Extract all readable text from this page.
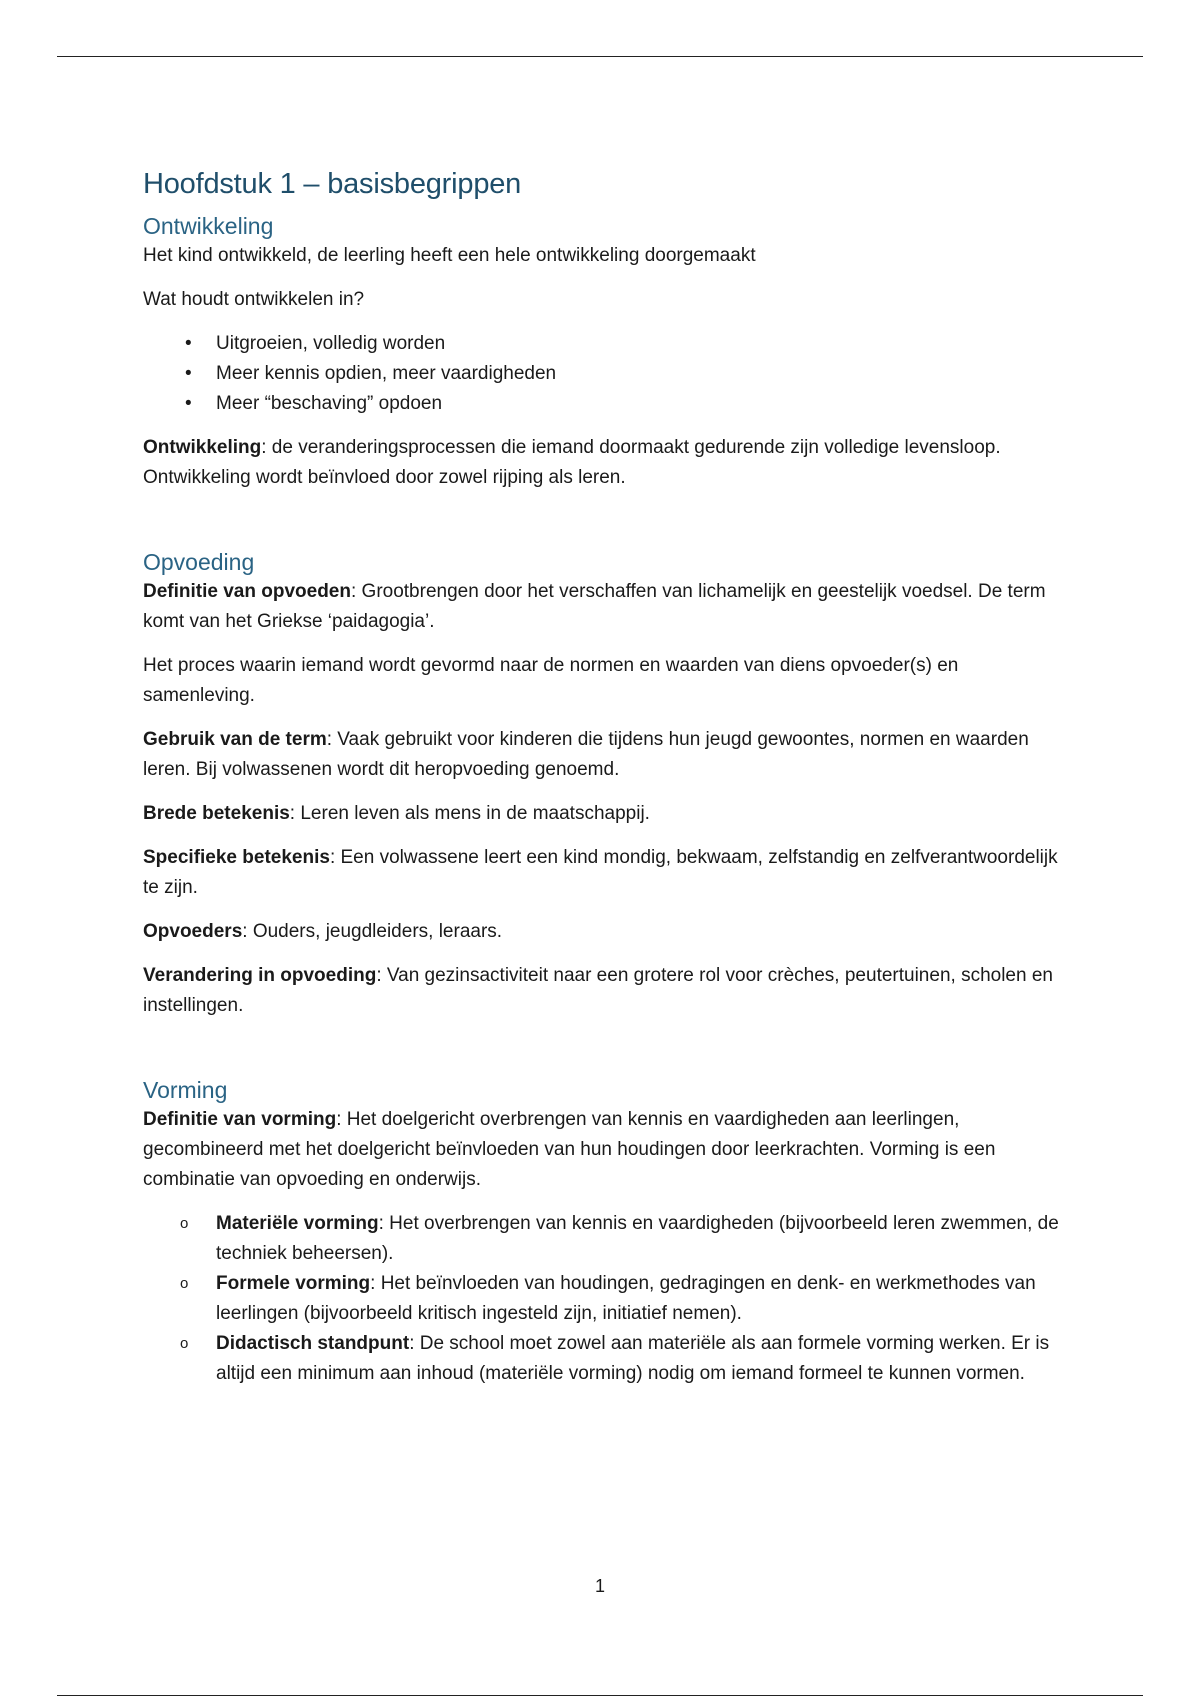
Hoofdstuk 1 – basisbegrippen
Ontwikkeling

Het kind ontwikkeld, de leerling heeft een hele ontwikkeling doorgemaakt

Wat houdt ontwikkelen in?

• Uitgroeien, volledig worden
• Meer kennis opdien, meer vaardigheden
• Meer “beschaving” opdoen

Ontwikkeling: de veranderingsprocessen die iemand doormaakt gedurende zijn volledige levensloop. Ontwikkeling wordt beïnvloed door zowel rijping als leren.

Opvoeding

Definitie van opvoeden: Grootbrengen door het verschaffen van lichamelijk en geestelijk voedsel. De term komt van het Griekse ‘paidagogia’.

Het proces waarin iemand wordt gevormd naar de normen en waarden van diens opvoeder(s) en samenleving.

Gebruik van de term: Vaak gebruikt voor kinderen die tijdens hun jeugd gewoontes, normen en waarden leren. Bij volwassenen wordt dit heropvoeding genoemd.

Brede betekenis: Leren leven als mens in de maatschappij.

Specifieke betekenis: Een volwassene leert een kind mondig, bekwaam, zelfstandig en zelfverantwoordelijk te zijn.

Opvoeders: Ouders, jeugdleiders, leraars.

Verandering in opvoeding: Van gezinsactiviteit naar een grotere rol voor crèches, peutertuinen, scholen en instellingen.

Vorming

Definitie van vorming: Het doelgericht overbrengen van kennis en vaardigheden aan leerlingen, gecombineerd met het doelgericht beïnvloeden van hun houdingen door leerkrachten. Vorming is een combinatie van opvoeding en onderwijs.

o Materiële vorming: Het overbrengen van kennis en vaardigheden (bijvoorbeeld leren zwemmen, de techniek beheersen).
o Formele vorming: Het beïnvloeden van houdingen, gedragingen en denk- en werkmethodes van leerlingen (bijvoorbeeld kritisch ingesteld zijn, initiatief nemen).
o Didactisch standpunt: De school moet zowel aan materiële als aan formele vorming werken. Er is altijd een minimum aan inhoud (materiële vorming) nodig om iemand formeel te kunnen vormen.
1
